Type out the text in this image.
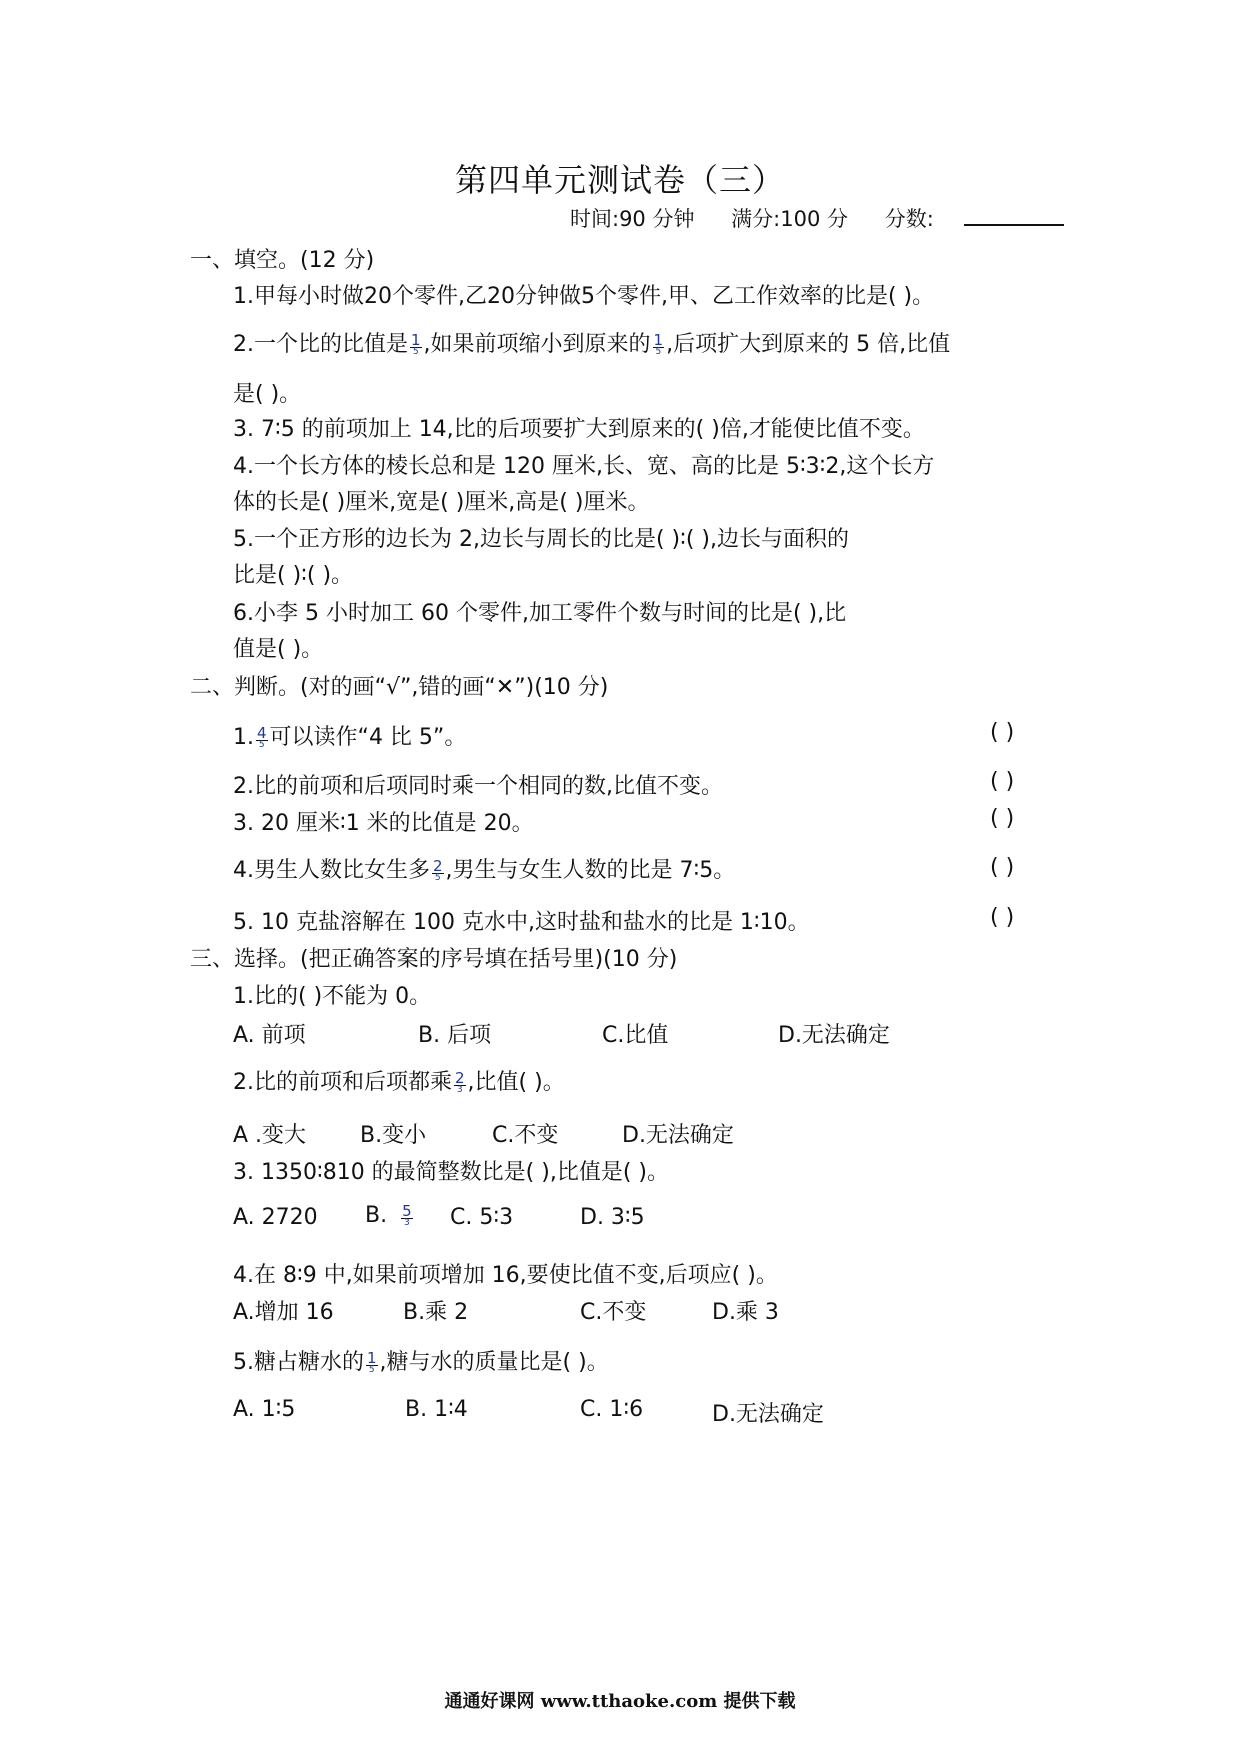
第四单元测试卷（三）
时间:90 分钟 满分:100 分 分数:
一、填空。(12 分)
1.甲每小时做20个零件,乙20分钟做5个零件,甲、乙工作效率的比是( )。
2.一个比的比值是 $\frac{1}{5}$ ,如果前项缩小到原来的 $\frac{1}{5}$ ,后项扩大到原来的 5 倍,比值
是( )。
3. 7∶5 的前项加上 14,比的后项要扩大到原来的( )倍,才能使比值不变。
4.一个长方体的棱长总和是 120 厘米,长、宽、高的比是 5∶3∶2,这个长方
体的长是( )厘米,宽是( )厘米,高是( )厘米。
5.一个正方形的边长为 2,边长与周长的比是( )∶( ),边长与面积的
比是( )∶( )。
6.小李 5 小时加工 60 个零件,加工零件个数与时间的比是( ),比
值是( )。
二、判断。(对的画“√”,错的画“✕”)(10 分)
1. $\frac{4}{5}$ 可以读作“4 比 5”。	( )
2.比的前项和后项同时乘一个相同的数,比值不变。	( )
3. 20 厘米∶1 米的比值是 20。	( )
4.男生人数比女生多 $\frac{2}{5}$ ,男生与女生人数的比是 7∶5。	( )
5. 10 克盐溶解在 100 克水中,这时盐和盐水的比是 1∶10。	( )
三、选择。(把正确答案的序号填在括号里)(10 分)
1.比的( )不能为 0。
A. 前项	B. 后项	C.比值	D.无法确定
2.比的前项和后项都乘 $\frac{2}{3}$ ,比值( )。
A .变大 B.变小	C.不变	D.无法确定
3. 1350∶810 的最简整数比是( ),比值是( )。
A. 2720 B. $\frac{5}{3} C$. 5∶3	D. 3∶5
4.在 8∶9 中,如果前项增加 16,要使比值不变,后项应( )。
A.增加 16	B.乘 2	C.不变	D.乘 3
5.糖占糖水的 $\frac{1}{5}$ ,糖与水的质量比是( )。
A. 1∶5	B. 1∶4	C. 1∶6	D.无法确定
通通好课网 www.tthaoke.com 提供下载
